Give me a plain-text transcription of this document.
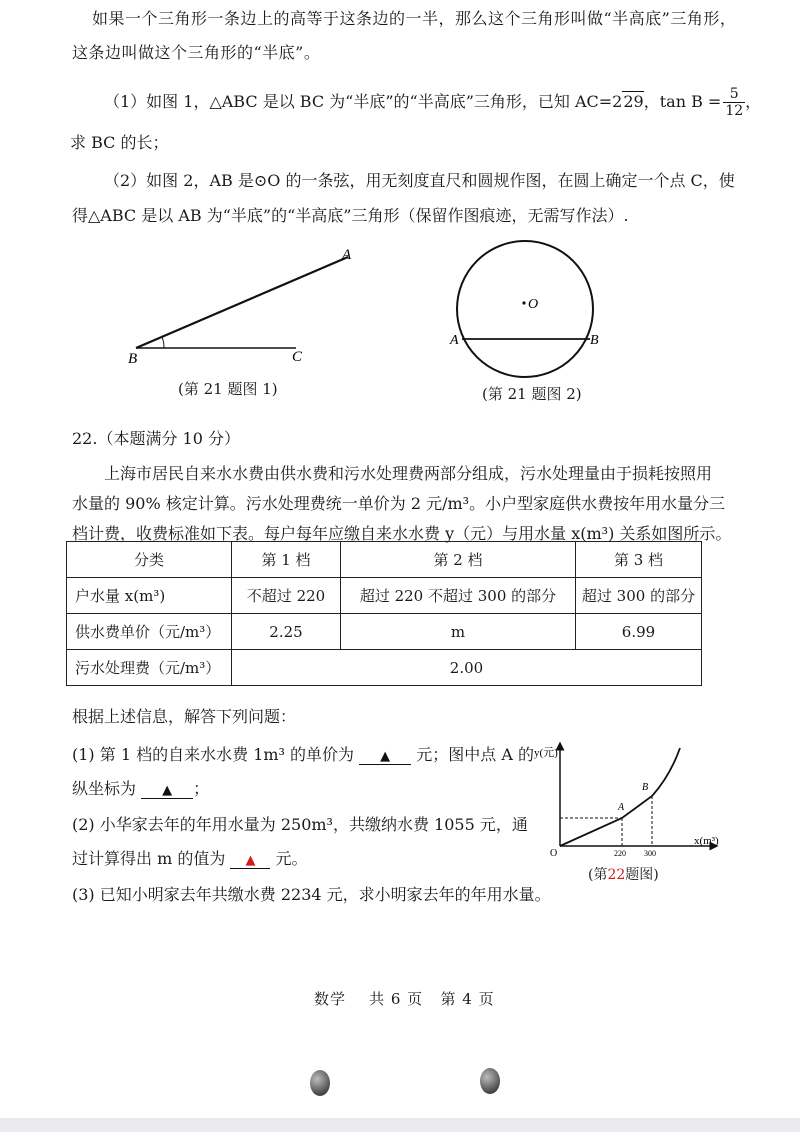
如果一个三角形一条边上的高等于这条边的一半，那么这个三角形叫做“半高底”三角形，
这条边叫做这个三角形的“半底”。
（1）如图 1，△ABC 是以 BC 为“半底”的“半高底”三角形，已知 AC=229，$\tan B = \frac{5}{12}$ ，
求 BC 的长；
（2）如图 2，AB 是⊙O 的一条弦，用无刻度直尺和圆规作图，在圆上确定一个点 C，使
得△ABC 是以 AB 为“半底”的“半高底”三角形（保留作图痕迹，无需写作法）.
A
B	C
(第 21 题图 1)
O
A	B
(第 21 题图 2)
22.（本题满分 10 分）
上海市居民自来水水费由供水费和污水处理费两部分组成，污水处理量由于损耗按照用
水量的 90% 核定计算。污水处理费统一单价为 2 元/m³。小户型家庭供水费按年用水量分三
档计费，收费标准如下表。每户每年应缴自来水水费 y（元）与用水量 x(m³) 关系如图所示。
分类	第 1 档	第 2 档	第 3 档
户水量 x(m³)	不超过 220	超过 220 不超过 300 的部分	超过 300 的部分
供水费单价（元/m³）	2.25	m	6.99
污水处理费（元/m³）	2.00		
根据上述信息，解答下列问题：
(1) 第 1 档的自来水水费 1m³ 的单价为 ▲ 元；图中点 A 的
纵坐标为 ▲ ；
(2) 小华家去年的年用水量为 250m³，共缴纳水费 1055 元，通
过计算得出 m 的值为 ▲ 元。
(3) 已知小明家去年共缴水费 2234 元，求小明家去年的年用水量。
y(元)
x(m³)
O
A
B
220 300
(第22题图)
数学 共 6 页 第 4 页
